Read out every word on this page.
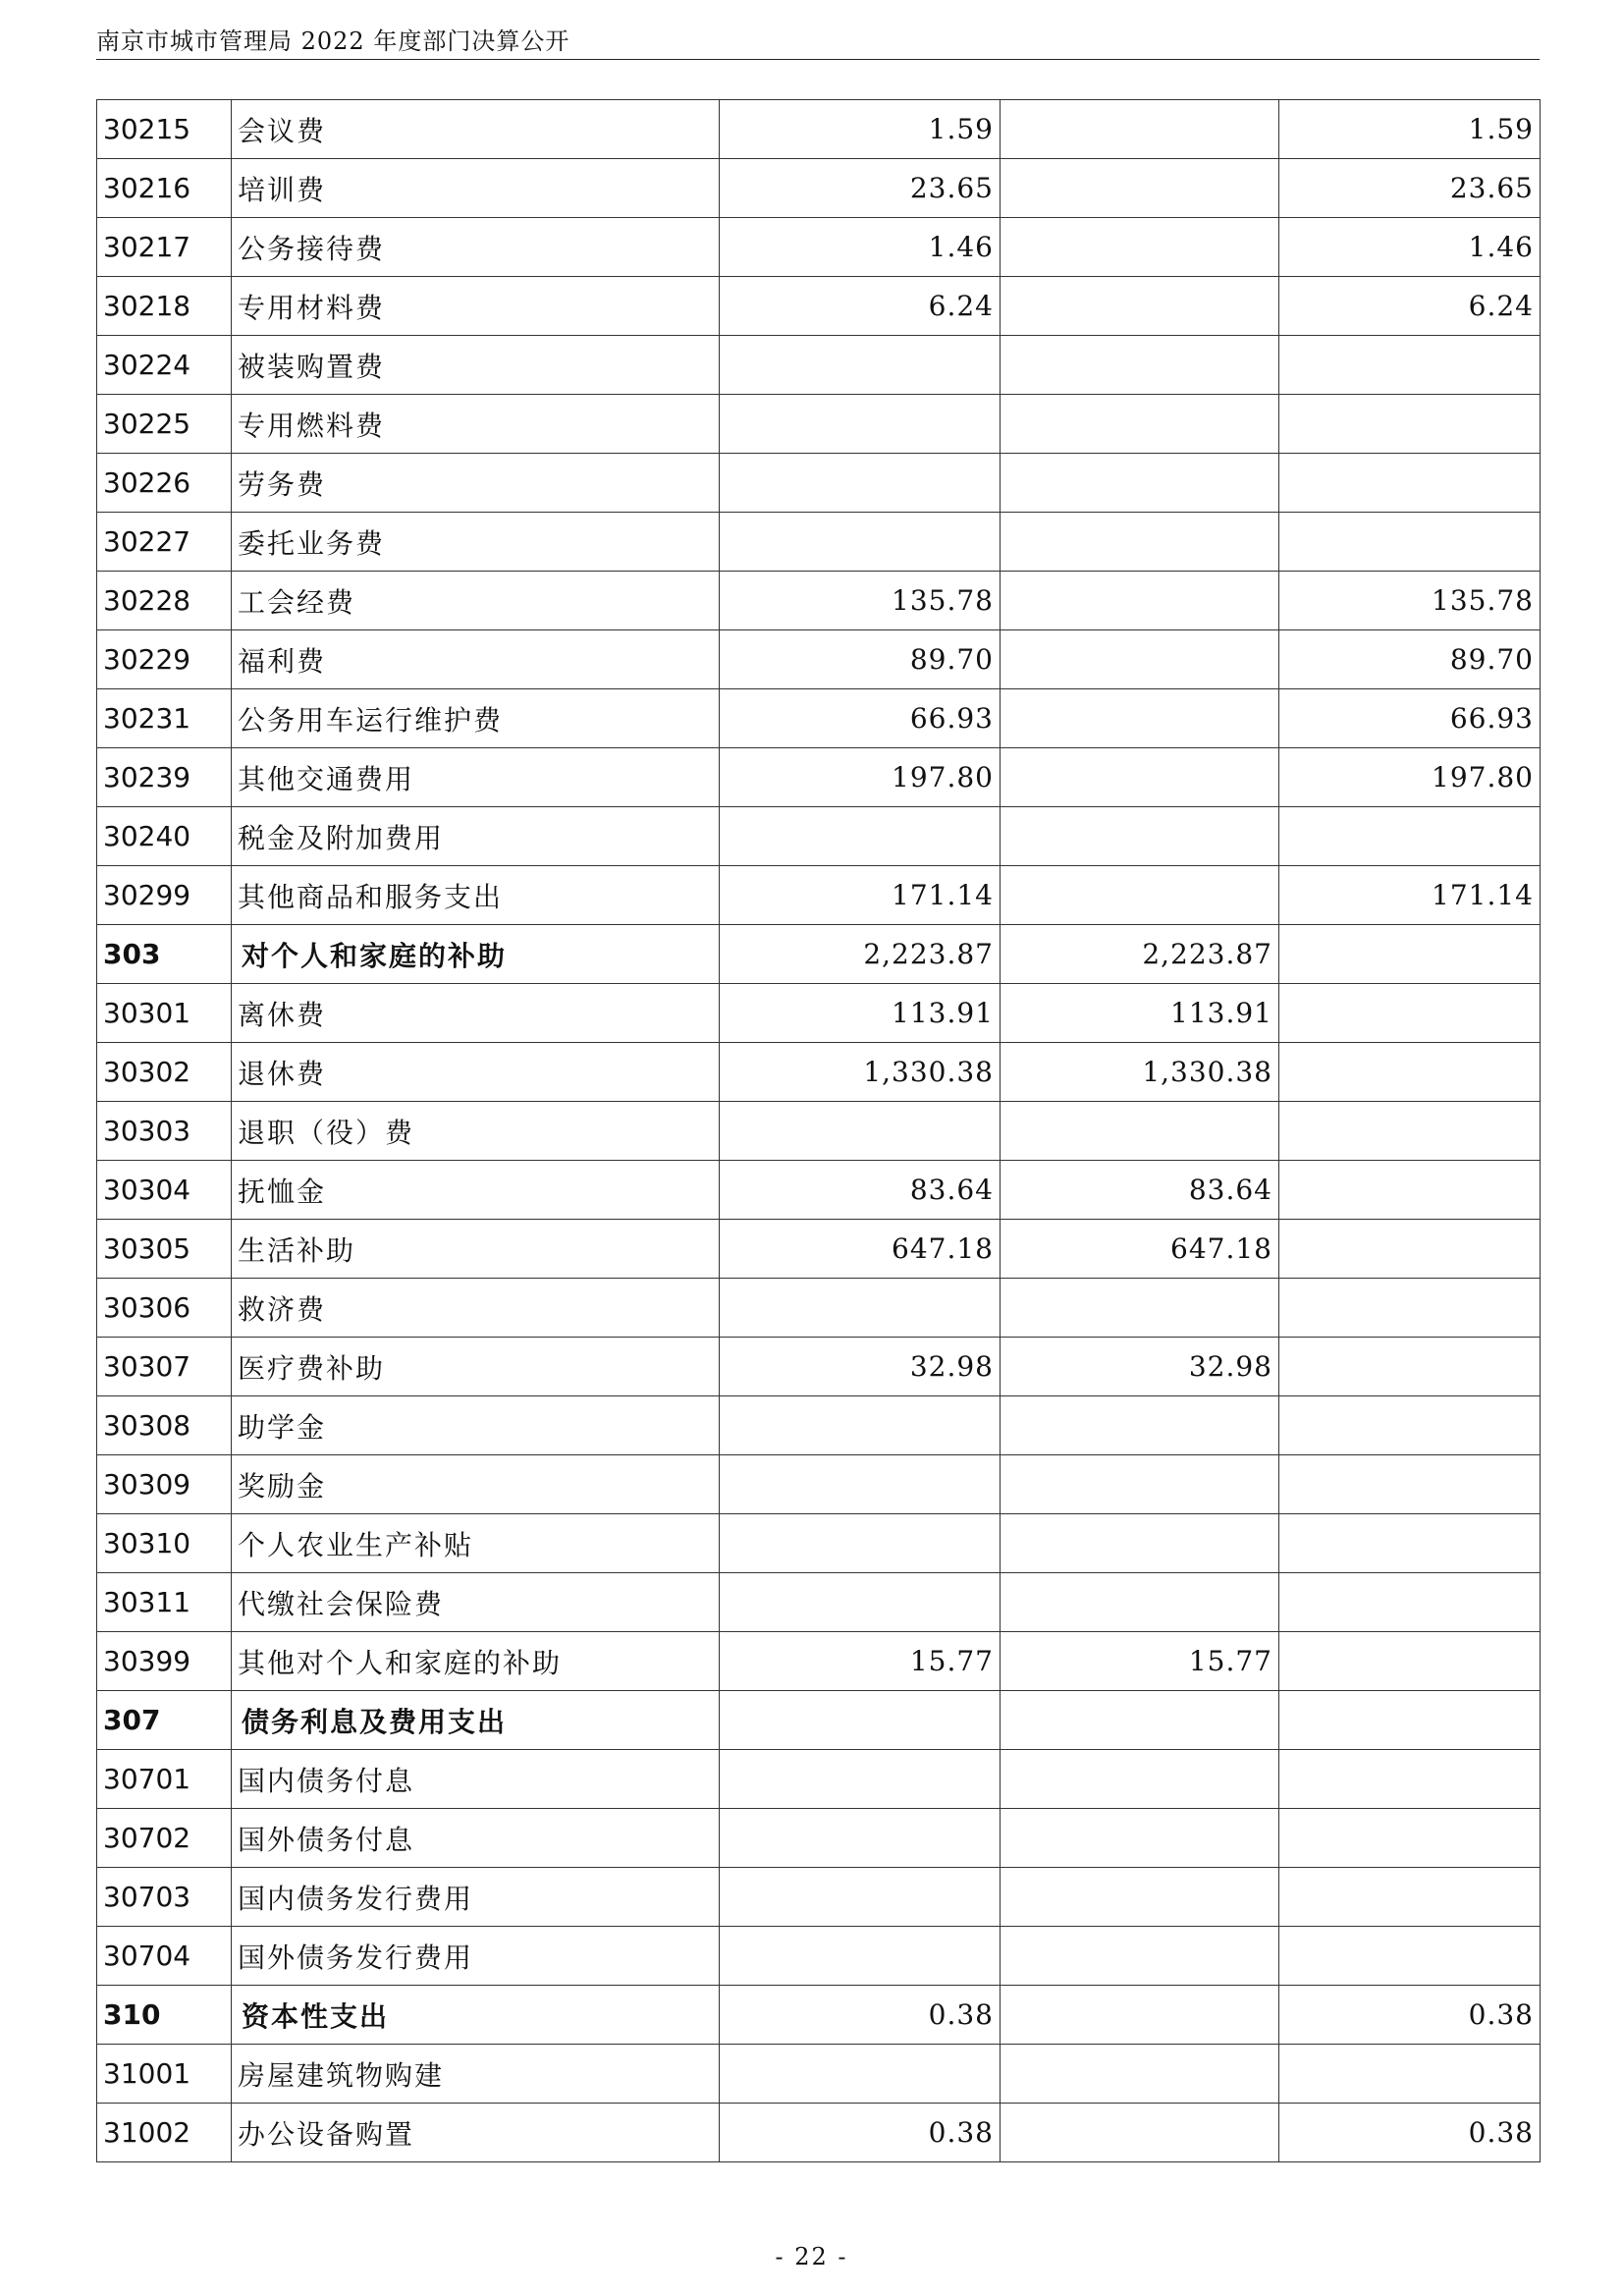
南京市城市管理局 2022 年度部门决算公开
30215	会议费	1.59		1.59
30216	培训费	23.65		23.65
30217	公务接待费	1.46		1.46
30218	专用材料费	6.24		6.24
30224	被装购置费			
30225	专用燃料费			
30226	劳务费			
30227	委托业务费			
30228	工会经费	135.78		135.78
30229	福利费	89.70		89.70
30231	公务用车运行维护费	66.93		66.93
30239	其他交通费用	197.80		197.80
30240	税金及附加费用			
30299	其他商品和服务支出	171.14		171.14
303	对个人和家庭的补助	2,223.87	2,223.87	
30301	离休费	113.91	113.91	
30302	退休费	1,330.38	1,330.38	
30303	退职（役）费			
30304	抚恤金	83.64	83.64	
30305	生活补助	647.18	647.18	
30306	救济费			
30307	医疗费补助	32.98	32.98	
30308	助学金			
30309	奖励金			
30310	个人农业生产补贴			
30311	代缴社会保险费			
30399	其他对个人和家庭的补助	15.77	15.77	
307	债务利息及费用支出			
30701	国内债务付息			
30702	国外债务付息			
30703	国内债务发行费用			
30704	国外债务发行费用			
310	资本性支出	0.38		0.38
31001	房屋建筑物购建			
31002	办公设备购置	0.38		0.38
- 22 -
